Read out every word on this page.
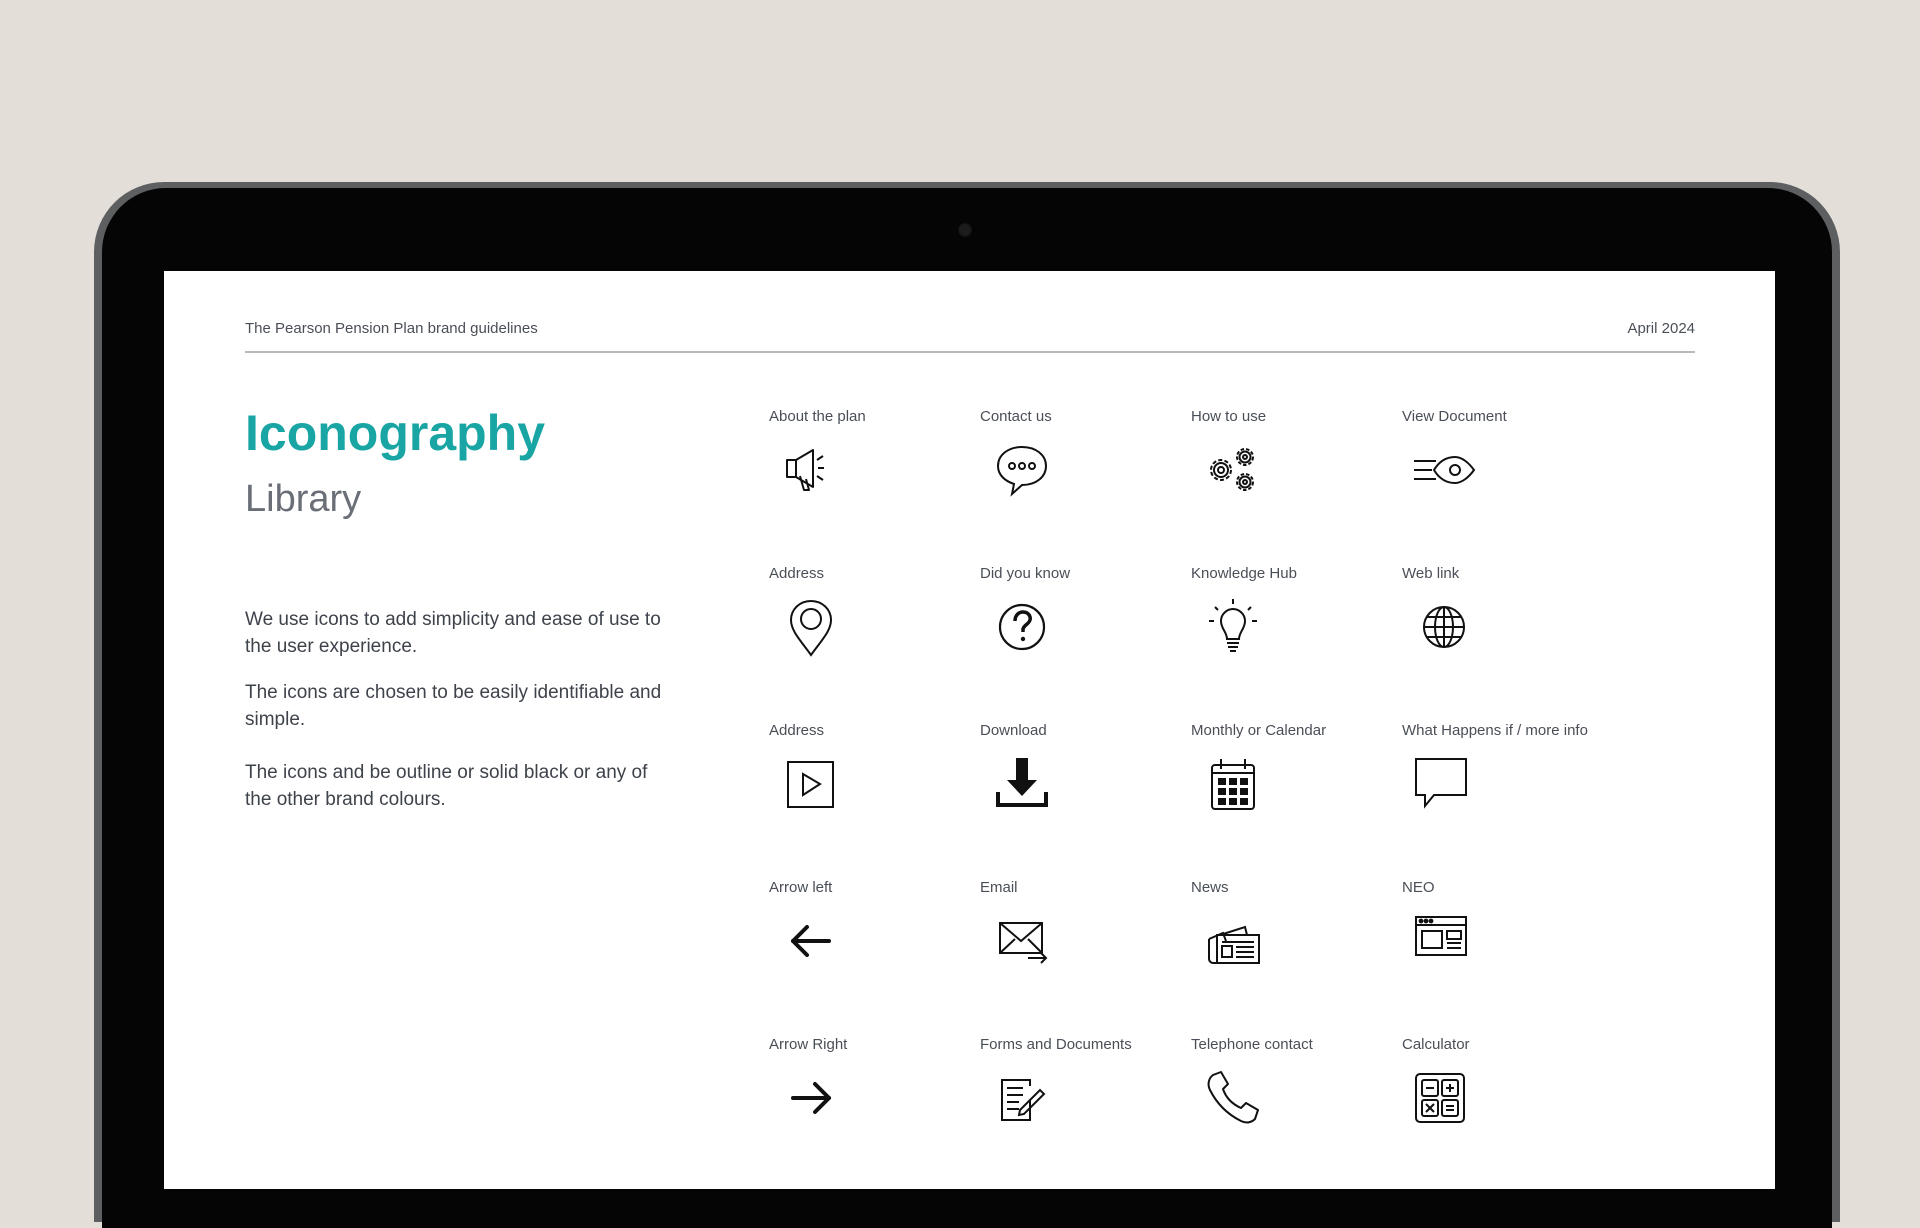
The Pearson Pension Plan brand guidelines	April 2024
Iconography
Library

We use icons to add simplicity and ease of use to the user experience.

The icons are chosen to be easily identifiable and simple.

The icons and be outline or solid black or any of the other brand colours.

About the plan	Contact us	How to use	View Document
Address	Did you know	Knowledge Hub	Web link
Address	Download	Monthly or Calendar	What Happens if / more info
Arrow left	Email	News	NEO
Arrow Right	Forms and Documents	Telephone contact	Calculator
